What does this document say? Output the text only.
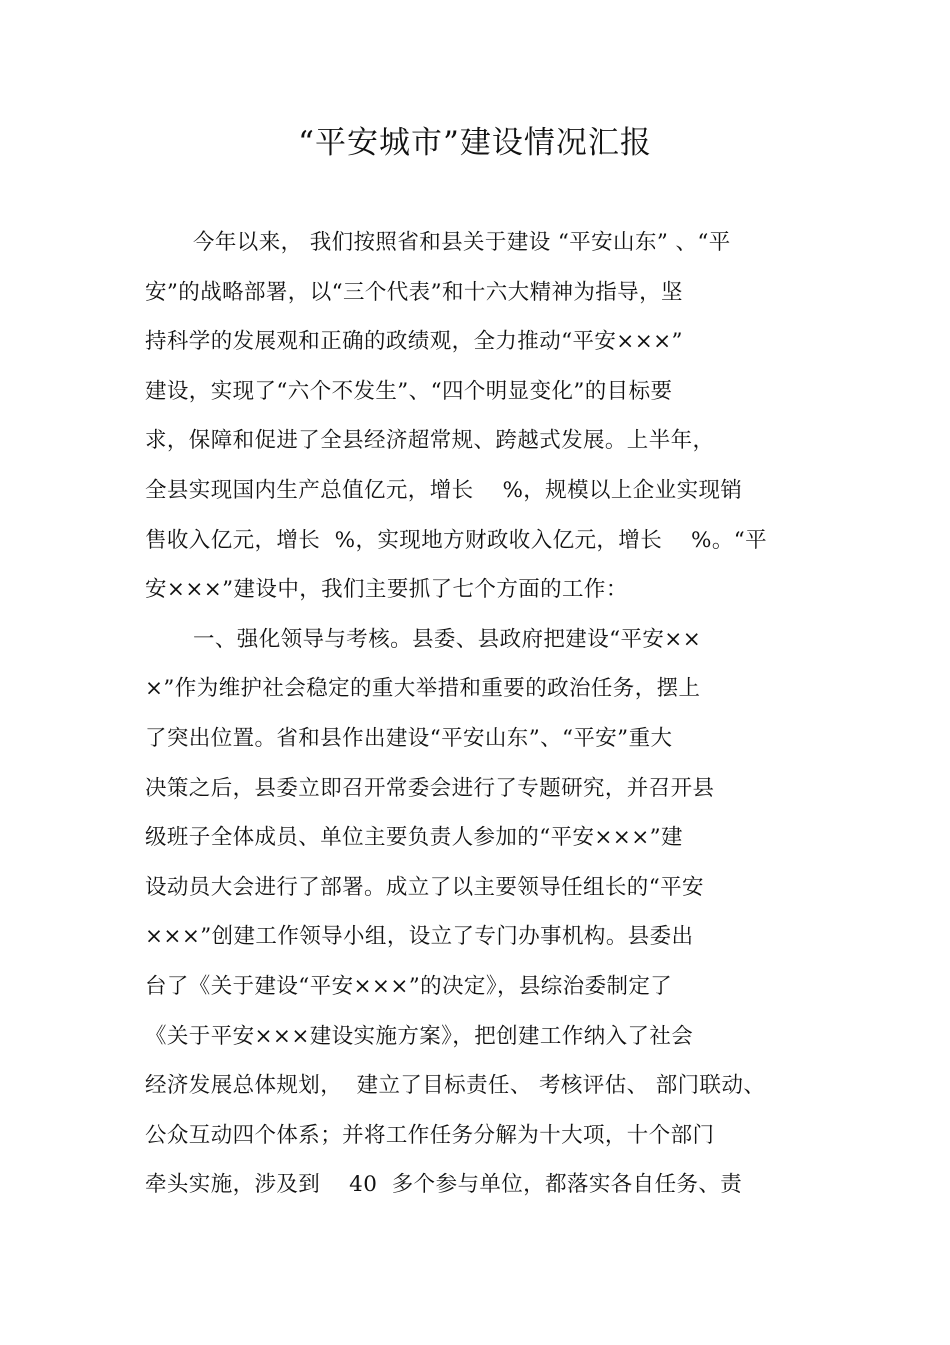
“平安城市”建设情况汇报
今年以来， 我们按照省和县关于建设 “平安山东” 、“平
安”的战略部署，以“三个代表”和十六大精神为指导，坚
持科学的发展观和正确的政绩观，全力推动“平安×××”
建设，实现了“六个不发生”、“四个明显变化”的目标要
求，保障和促进了全县经济超常规、跨越式发展。上半年，
全县实现国内生产总值亿元，增长    %，规模以上企业实现销
售收入亿元，增长  %，实现地方财政收入亿元，增长    %。“平
安×××”建设中，我们主要抓了七个方面的工作：
一、强化领导与考核。县委、县政府把建设“平安××
×”作为维护社会稳定的重大举措和重要的政治任务，摆上
了突出位置。省和县作出建设“平安山东”、“平安”重大
决策之后，县委立即召开常委会进行了专题研究，并召开县
级班子全体成员、单位主要负责人参加的“平安×××”建
设动员大会进行了部署。成立了以主要领导任组长的“平安
×××”创建工作领导小组，设立了专门办事机构。县委出
台了《关于建设“平安×××”的决定》，县综治委制定了
《关于平安×××建设实施方案》，把创建工作纳入了社会
经济发展总体规划，  建立了目标责任、 考核评估、 部门联动、
公众互动四个体系；并将工作任务分解为十大项，十个部门
牵头实施，涉及到    40  多个参与单位，都落实各自任务、责
